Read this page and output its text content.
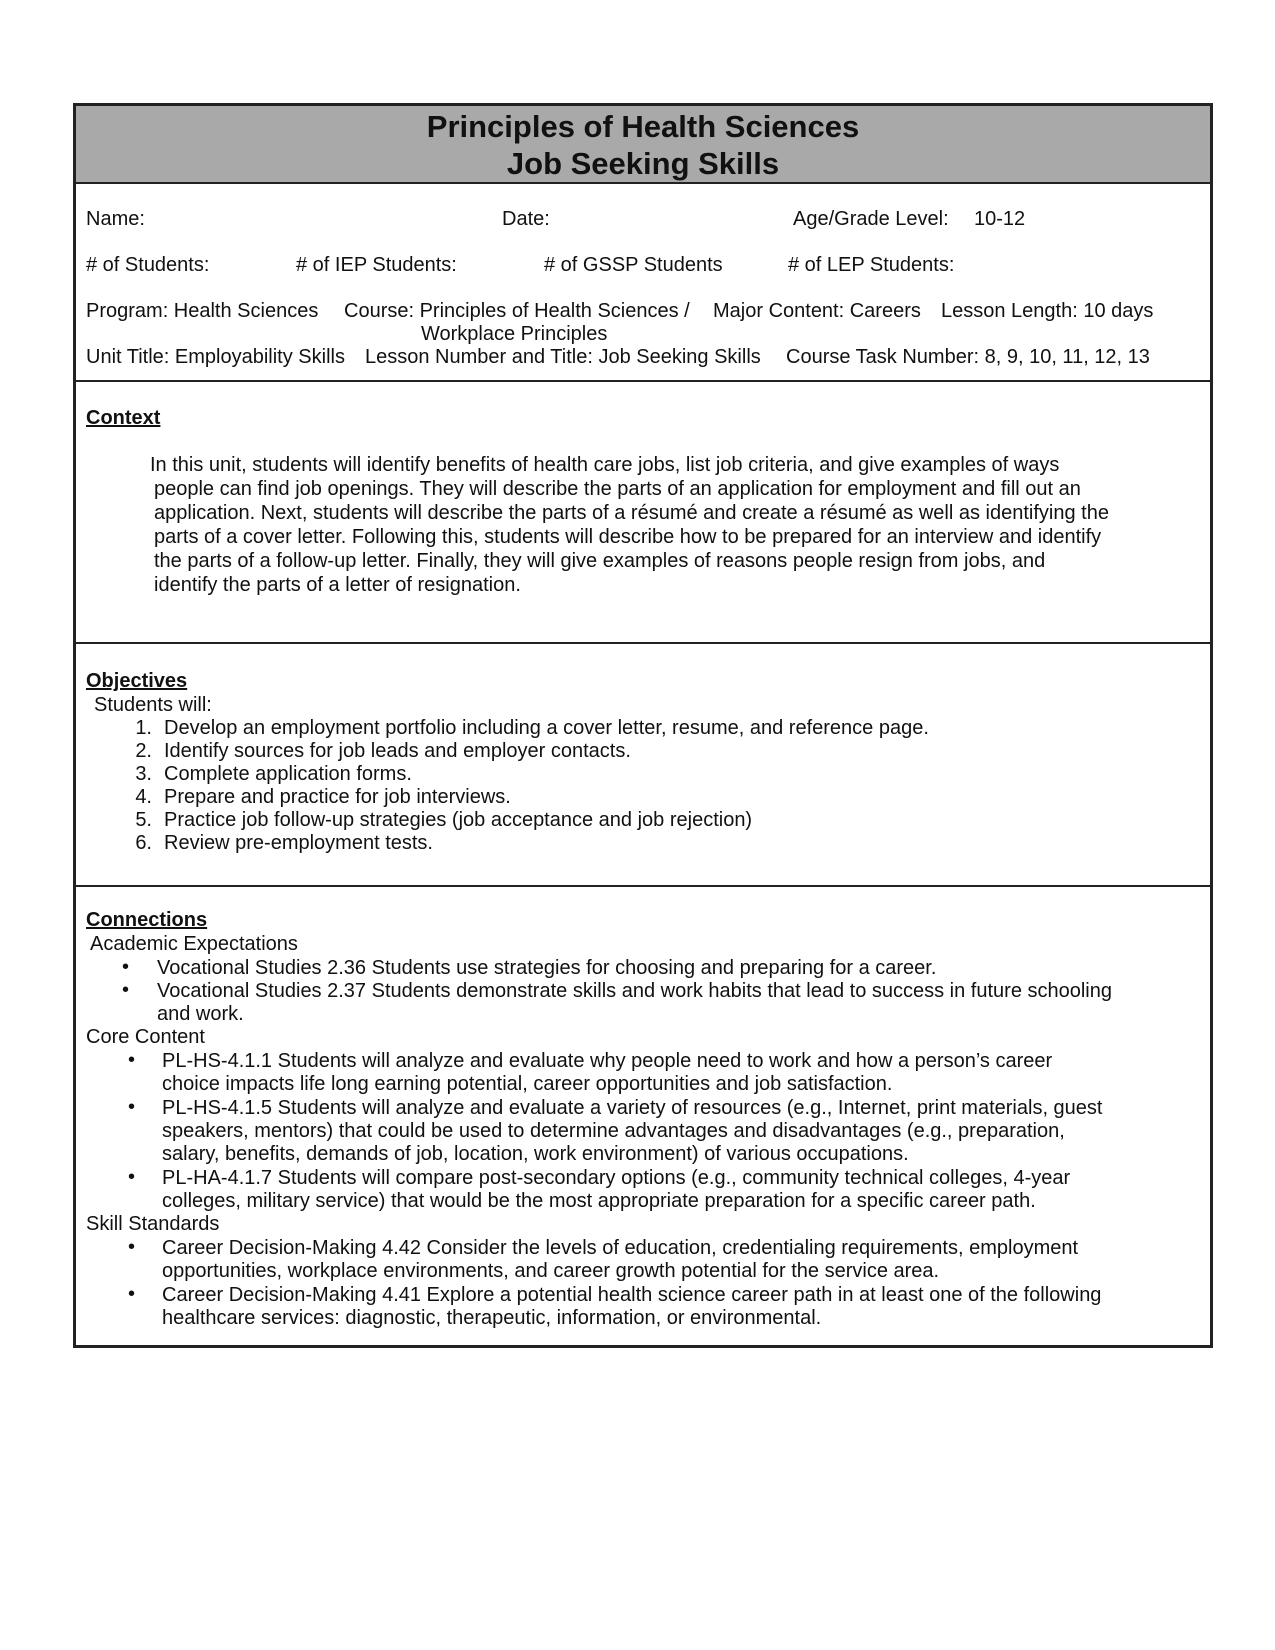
Principles of Health Sciences
Job Seeking Skills
Name:	Date:	Age/Grade Level: 10-12
# of Students:	# of IEP Students:	# of GSSP Students	# of LEP Students:
Program: Health Sciences Course: Principles of Health Sciences /
Workplace Principles
Major Content: Careers Lesson Length: 10 days
Unit Title: Employability Skills Lesson Number and Title: Job Seeking Skills Course Task Number: 8, 9, 10, 11, 12, 13
Context
In this unit, students will identify benefits of health care jobs, list job criteria, and give examples of ways
people can find job openings. They will describe the parts of an application for employment and fill out an
application. Next, students will describe the parts of a résumé and create a résumé as well as identifying the
parts of a cover letter. Following this, students will describe how to be prepared for an interview and identify
the parts of a follow-up letter. Finally, they will give examples of reasons people resign from jobs, and
identify the parts of a letter of resignation.
Objectives
Students will:
1. Develop an employment portfolio including a cover letter, resume, and reference page.
2. Identify sources for job leads and employer contacts.
3. Complete application forms.
4. Prepare and practice for job interviews.
5. Practice job follow-up strategies (job acceptance and job rejection)
6. Review pre-employment tests.
Connections
Academic Expectations
• Vocational Studies 2.36 Students use strategies for choosing and preparing for a career.
• Vocational Studies 2.37 Students demonstrate skills and work habits that lead to success in future schooling
and work.
Core Content
• PL-HS-4.1.1 Students will analyze and evaluate why people need to work and how a person’s career
choice impacts life long earning potential, career opportunities and job satisfaction.
• PL-HS-4.1.5 Students will analyze and evaluate a variety of resources (e.g., Internet, print materials, guest
speakers, mentors) that could be used to determine advantages and disadvantages (e.g., preparation,
salary, benefits, demands of job, location, work environment) of various occupations.
• PL-HA-4.1.7 Students will compare post-secondary options (e.g., community technical colleges, 4-year
colleges, military service) that would be the most appropriate preparation for a specific career path.
Skill Standards
• Career Decision-Making 4.42 Consider the levels of education, credentialing requirements, employment
opportunities, workplace environments, and career growth potential for the service area.
• Career Decision-Making 4.41 Explore a potential health science career path in at least one of the following
healthcare services: diagnostic, therapeutic, information, or environmental.
